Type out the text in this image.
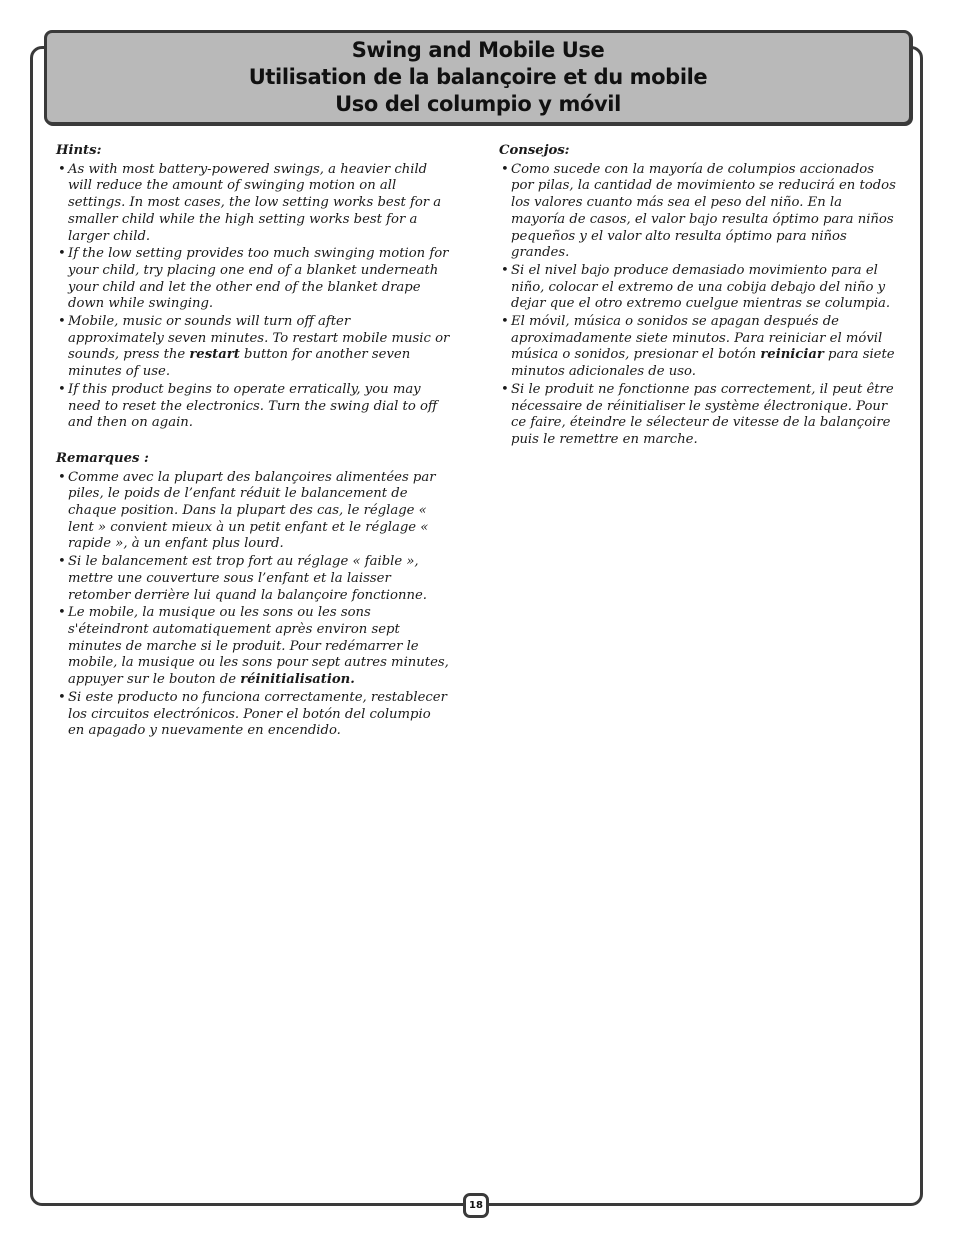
Swing and Mobile Use
Utilisation de la balançoire et du mobile
Uso del columpio y móvil
Hints:
• As with most battery-powered swings, a heavier child will reduce the amount of swinging motion on all settings. In most cases, the low setting works best for a smaller child while the high setting works best for a larger child.
• If the low setting provides too much swinging motion for your child, try placing one end of a blanket underneath your child and let the other end of the blanket drape down while swinging.
• Mobile, music or sounds will turn off after approximately seven minutes. To restart mobile music or sounds, press the restart button for another seven minutes of use.
• If this product begins to operate erratically, you may need to reset the electronics. Turn the swing dial to off and then on again.
Remarques :
• Comme avec la plupart des balançoires alimentées par piles, le poids de l’enfant réduit le balancement de chaque position. Dans la plupart des cas, le réglage « lent » convient mieux à un petit enfant et le réglage « rapide », à un enfant plus lourd.
• Si le balancement est trop fort au réglage « faible », mettre une couverture sous l’enfant et la laisser retomber derrière lui quand la balançoire fonctionne.
• Le mobile, la musique ou les sons ou les sons s'éteindront automatiquement après environ sept minutes de marche si le produit. Pour redémarrer le mobile, la musique ou les sons pour sept autres minutes, appuyer sur le bouton de réinitialisation.
• Si este producto no funciona correctamente, restablecer los circuitos electrónicos. Poner el botón del columpio en apagado y nuevamente en encendido.
Consejos:
• Como sucede con la mayoría de columpios accionados por pilas, la cantidad de movimiento se reducirá en todos los valores cuanto más sea el peso del niño. En la mayoría de casos, el valor bajo resulta óptimo para niños pequeños y el valor alto resulta óptimo para niños grandes.
• Si el nivel bajo produce demasiado movimiento para el niño, colocar el extremo de una cobija debajo del niño y dejar que el otro extremo cuelgue mientras se columpia.
• El móvil, música o sonidos se apagan después de aproximadamente siete minutos. Para reiniciar el móvil música o sonidos, presionar el botón reiniciar para siete minutos adicionales de uso.
• Si le produit ne fonctionne pas correctement, il peut être nécessaire de réinitialiser le système électronique. Pour ce faire, éteindre le sélecteur de vitesse de la balançoire puis le remettre en marche.
18
